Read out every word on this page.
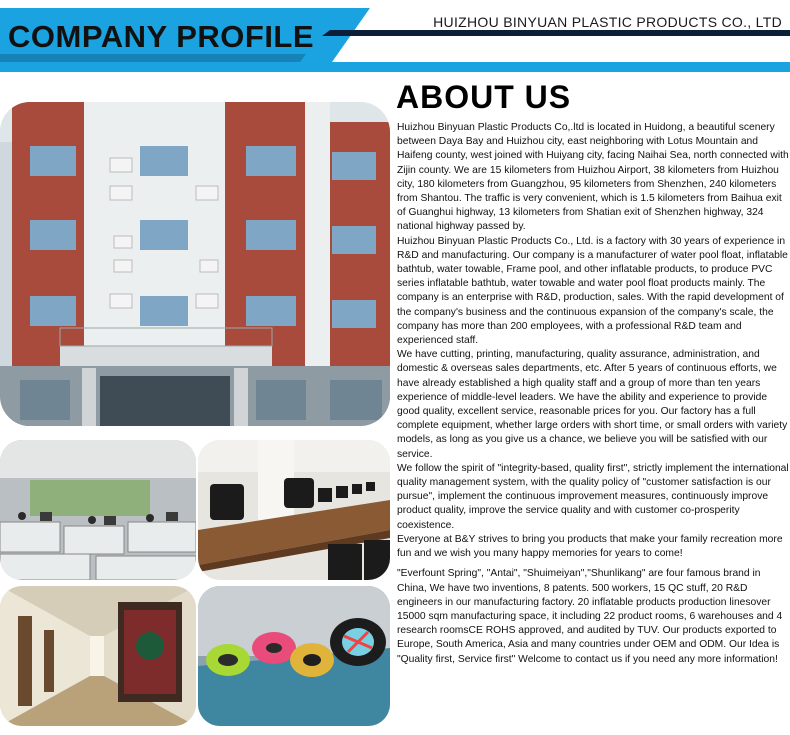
HUIZHOU BINYUAN PLASTIC PRODUCTS CO., LTD
COMPANY PROFILE
ABOUT US

Huizhou Binyuan Plastic Products Co,.ltd is located in Huidong, a beautiful scenery between Daya Bay and Huizhou city, east neighboring with Lotus Mountain and Haifeng county, west joined with Huiyang city, facing Naihai Sea, north connected with Zijin county. We are 15 kilometers from Huizhou Airport, 38 kilometers from Huizhou city, 180 kilometers from Guangzhou, 95 kilometers from Shenzhen, 240 kilometers from Shantou. The traffic is very convenient, which is 1.5 kilometers from Baihua exit of Guanghui highway, 13 kilometers from Shatian exit of Shenzhen highway, 324 national highway passed by.

Huizhou Binyuan Plastic Products Co., Ltd. is a factory with 30 years of experience in R&D and manufacturing. Our company is a manufacturer of water pool float, inflatable bathtub, water towable, Frame pool, and other inflatable products, to produce PVC series inflatable bathtub, water towable and water pool float products mainly. The company is an enterprise with R&D, production, sales. With the rapid development of the company's business and the continuous expansion of the company's scale, the company has more than 200 employees, with a professional R&D team and experienced staff.

We have cutting, printing, manufacturing, quality assurance, administration, and domestic & overseas sales departments, etc. After 5 years of continuous efforts, we have already established a high quality staff and a group of more than ten years experience of middle-level leaders. We have the ability and experience to provide good quality, excellent service, reasonable prices for you. Our factory has a full complete equipment, whether large orders with short time, or small orders with variety models, as long as you give us a chance, we believe you will be satisfied with our service.

We follow the spirit of "integrity-based, quality first", strictly implement the international quality management system, with the quality policy of "customer satisfaction is our pursue", implement the continuous improvement measures, continuously improve product quality, improve the service quality and with customer co-prosperity coexistence.

Everyone at B&Y strives to bring you products that make your family recreation more fun and we wish you many happy memories for years to come!

"Everfount Spring", "Antai", "Shuimeiyan","Shunlikang" are four famous brand in China, We have two inventions, 8 patents. 500 workers, 15 QC stuff, 20 R&D engineers in our manufacturing factory. 20 inflatable products production linesover 15000 sqm manufacturing space, it including 22 product rooms, 6 warehouses and 4 research roomsCE ROHS approved, and audited by TUV. Our products exported to Europe, South America, Asia and many countries under OEM and ODM. Our Idea is "Quality first, Service first" Welcome to contact us if you need any more information!
